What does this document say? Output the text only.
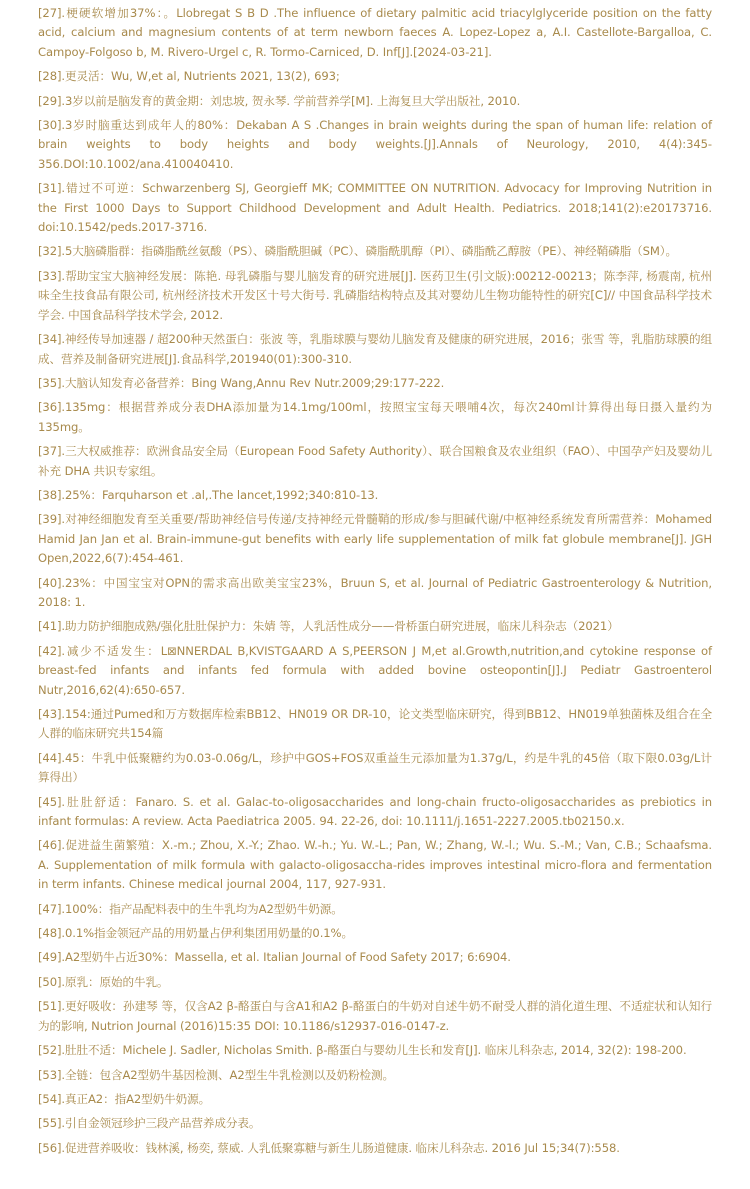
[27].梗硬软增加37%：。Llobregat S B D .The influence of dietary palmitic acid triacylglyceride position on the fatty acid, calcium and magnesium contents of at term newborn faeces A. Lopez-Lopez a, A.I. Castellote-Bargalloa, C. Campoy-Folgoso b, M. Rivero-Urgel c, R. Tormo-Carniced, D. Inf[J].[2024-03-21].
[28].更灵活：Wu, W,et al, Nutrients 2021, 13(2), 693;
[29].3岁以前是脑发育的黄金期：刘忠坡, 贺永琴. 学前营养学[M]. 上海复旦大学出版社, 2010.
[30].3岁时脑重达到成年人的80%：Dekaban A S .Changes in brain weights during the span of human life: relation of brain weights to body heights and body weights.[J].Annals of Neurology, 2010, 4(4):345-356.DOI:10.1002/ana.410040410.
[31].错过不可逆：Schwarzenberg SJ, Georgieff MK; COMMITTEE ON NUTRITION. Advocacy for Improving Nutrition in the First 1000 Days to Support Childhood Development and Adult Health. Pediatrics. 2018;141(2):e20173716. doi:10.1542/peds.2017-3716.
[32].5大脑磷脂群：指磷脂酰丝氨酸（PS）、磷脂酰胆碱（PC）、磷脂酰肌醇（PI）、磷脂酰乙醇胺（PE）、神经鞘磷脂（SM）。
[33].帮助宝宝大脑神经发展：陈艳. 母乳磷脂与婴儿脑发育的研究进展[J]. 医药卫生(引文版):00212-00213；陈李萍, 杨震南, 杭州味全生技食品有限公司, 杭州经济技术开发区十号大街号. 乳磷脂结构特点及其对婴幼儿生物功能特性的研究[C]// 中国食品科学技术学会. 中国食品科学技术学会, 2012.
[34].神经传导加速器 / 超200种天然蛋白：张波 等，乳脂球膜与婴幼儿脑发育及健康的研究进展，2016；张雪 等，乳脂肪球膜的组成、营养及制备研究进展[J].食品科学,201940(01):300-310.
[35].大脑认知发育必备营养：Bing Wang,Annu Rev Nutr.2009;29:177-222.
[36].135mg：根据营养成分表DHA添加量为14.1mg/100ml，按照宝宝每天喂哺4次，每次240ml计算得出每日摄入量约为135mg。
[37].三大权威推荐：欧洲食品安全局（European Food Safety Authority）、联合国粮食及农业组织（FAO）、中国孕产妇及婴幼儿补充 DHA 共识专家组。
[38].25%：Farquharson et .al,.The lancet,1992;340:810-13.
[39].对神经细胞发育至关重要/帮助神经信号传递/支持神经元骨髓鞘的形成/参与胆碱代谢/中枢神经系统发育所需营养：Mohamed Hamid Jan Jan et al. Brain-immune-gut benefits with early life supplementation of milk fat globule membrane[J]. JGH Open,2022,6(7):454-461.
[40].23%：中国宝宝对OPN的需求高出欧美宝宝23%，Bruun S, et al. Journal of Pediatric Gastroenterology & Nutrition, 2018: 1.
[41].助力防护细胞成熟/强化肚肚保护力：朱婧 等，人乳活性成分——骨桥蛋白研究进展，临床儿科杂志（2021）
[42].减少不适发生：L⊠NNERDAL B,KVISTGAARD A S,PEERSON J M,et al.Growth,nutrition,and cytokine response of breast-fed infants and infants fed formula with added bovine osteopontin[J].J Pediatr Gastroenterol Nutr,2016,62(4):650-657.
[43].154:通过Pumed和万方数据库检索BB12、HN019 OR DR-10，论文类型临床研究，得到BB12、HN019单独菌株及组合在全人群的临床研究共154篇
[44].45：牛乳中低聚糖约为0.03-0.06g/L，珍护中GOS+FOS双重益生元添加量为1.37g/L，约是牛乳的45倍（取下限0.03g/L计算得出）
[45].肚肚舒适：Fanaro. S. et al. Galac-to-oligosaccharides and long-chain fructo-oligosaccharides as prebiotics in infant formulas: A review. Acta Paediatrica 2005. 94. 22-26, doi: 10.1111/j.1651-2227.2005.tb02150.x.
[46].促进益生菌繁殖：X.-m.; Zhou, X.-Y.; Zhao. W.-h.; Yu. W.-L.; Pan, W.; Zhang, W.-l.; Wu. S.-M.; Van, C.B.; Schaafsma. A. Supplementation of milk formula with galacto-oligosaccha-rides improves intestinal micro-flora and fermentation in term infants. Chinese medical journal 2004, 117, 927-931.
[47].100%：指产品配料表中的生牛乳均为A2型奶牛奶源。
[48].0.1%指金领冠产品的用奶量占伊利集团用奶量的0.1%。
[49].A2型奶牛占近30%：Massella, et al. Italian Journal of Food Safety 2017; 6:6904.
[50].原乳：原始的牛乳。
[51].更好吸收：孙建琴 等，仅含A2 β-酪蛋白与含A1和A2 β-酪蛋白的牛奶对自述牛奶不耐受人群的消化道生理、不适症状和认知行为的影响, Nutrion Journal (2016)15:35 DOI: 10.1186/s12937-016-0147-z.
[52].肚肚不适：Michele J. Sadler, Nicholas Smith. β-酪蛋白与婴幼儿生长和发育[J]. 临床儿科杂志, 2014, 32(2): 198-200.
[53].全链：包含A2型奶牛基因检测、A2型生牛乳检测以及奶粉检测。
[54].真正A2：指A2型奶牛奶源。
[55].引自金领冠珍护三段产品营养成分表。
[56].促进营养吸收：钱林溪, 杨奕, 蔡威. 人乳低聚寡糖与新生儿肠道健康. 临床儿科杂志. 2016 Jul 15;34(7):558.
